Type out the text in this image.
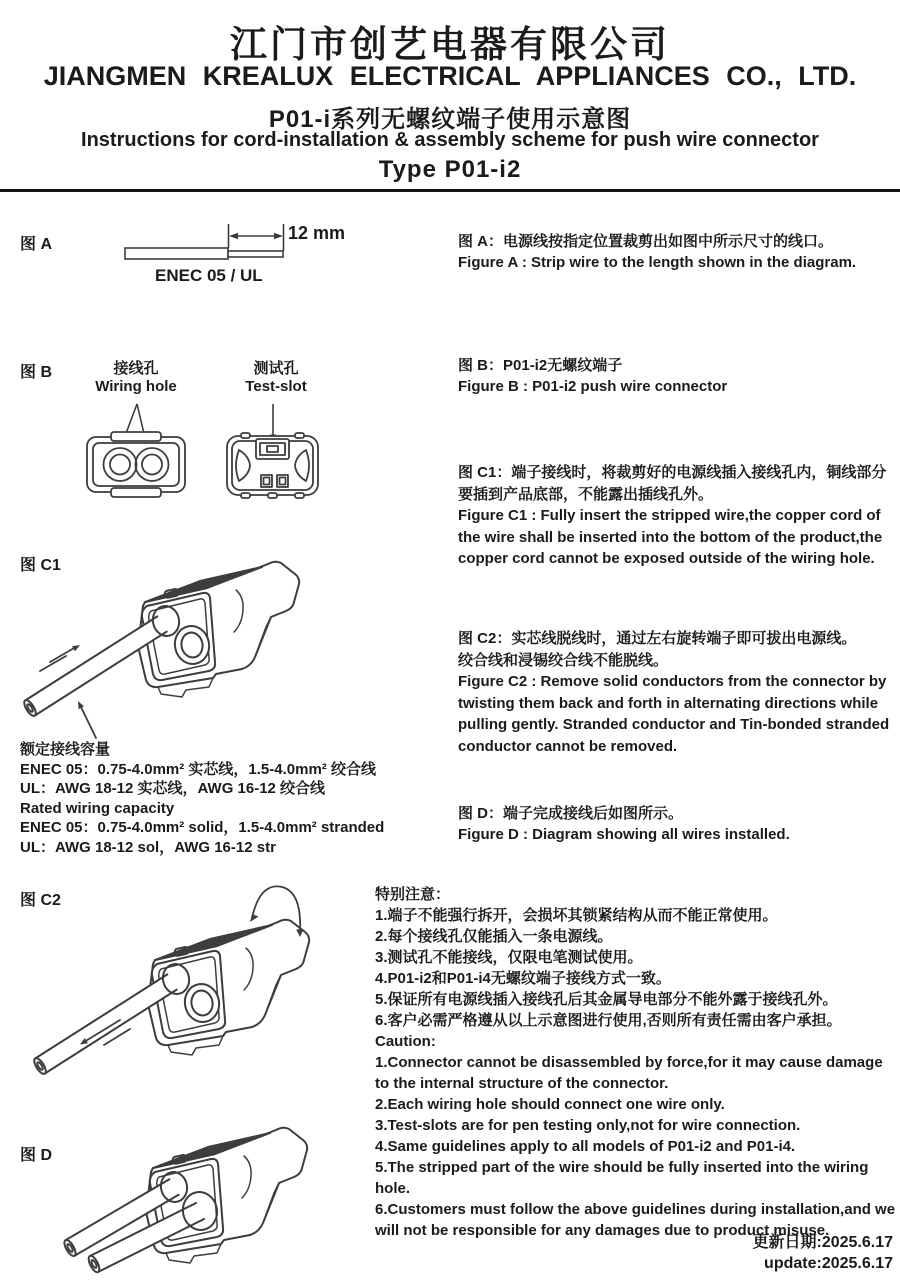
江门市创艺电器有限公司
JIANGMEN KREALUX ELECTRICAL APPLIANCES CO., LTD.
P01-i系列无螺纹端子使用示意图
Instructions for cord-installation & assembly scheme for push wire connector
Type P01-i2
图 A
12 mm
ENEC 05 / UL
图 A：电源线按指定位置裁剪出如图中所示尺寸的线口。
Figure A : Strip wire to the length shown in the diagram.
图 B	接线孔
Wiring hole
测试孔
Test-slot
图 B：P01-i2无螺纹端子
Figure B : P01-i2 push wire connector
图 C1：端子接线时，将裁剪好的电源线插入接线孔内，铜线部分要插到产品底部，不能露出插线孔外。
Figure C1 : Fully insert the stripped wire,the copper cord of the wire shall be inserted into the bottom of the product,the copper cord cannot be exposed outside of the wiring hole.
图 C1
额定接线容量
ENEC 05：0.75-4.0mm² 实芯线，1.5-4.0mm² 绞合线
UL：AWG 18-12 实芯线，AWG 16-12 绞合线
Rated wiring capacity
ENEC 05：0.75-4.0mm² solid，1.5-4.0mm² stranded
UL：AWG 18-12 sol，AWG 16-12 str
图 C2：实芯线脱线时，通过左右旋转端子即可拔出电源线。
绞合线和浸锡绞合线不能脱线。
Figure C2 : Remove solid conductors from the connector by twisting them back and forth in alternating directions while pulling gently. Stranded conductor and Tin-bonded stranded conductor cannot be removed.
图 D：端子完成接线后如图所示。
Figure D : Diagram showing all wires installed.
图 C2	特别注意：
1.端子不能强行拆开，会损坏其锁紧结构从而不能正常使用。
2.每个接线孔仅能插入一条电源线。
3.测试孔不能接线，仅限电笔测试使用。
4.P01-i2和P01-i4无螺纹端子接线方式一致。
5.保证所有电源线插入接线孔后其金属导电部分不能外露于接线孔外。
6.客户必需严格遵从以上示意图进行使用,否则所有责任需由客户承担。
Caution:
1.Connector cannot be disassembled by force,for it may cause damage to the internal structure of the connector.
2.Each wiring hole should connect one wire only.
3.Test-slots are for pen testing only,not for wire connection.
4.Same guidelines apply to all models of P01-i2 and P01-i4.
5.The stripped part of the wire should be fully inserted into the wiring hole.
6.Customers must follow the above guidelines during installation,and we will not be responsible for any damages due to product misuse.
图 D
更新日期:2025.6.17
update:2025.6.17
